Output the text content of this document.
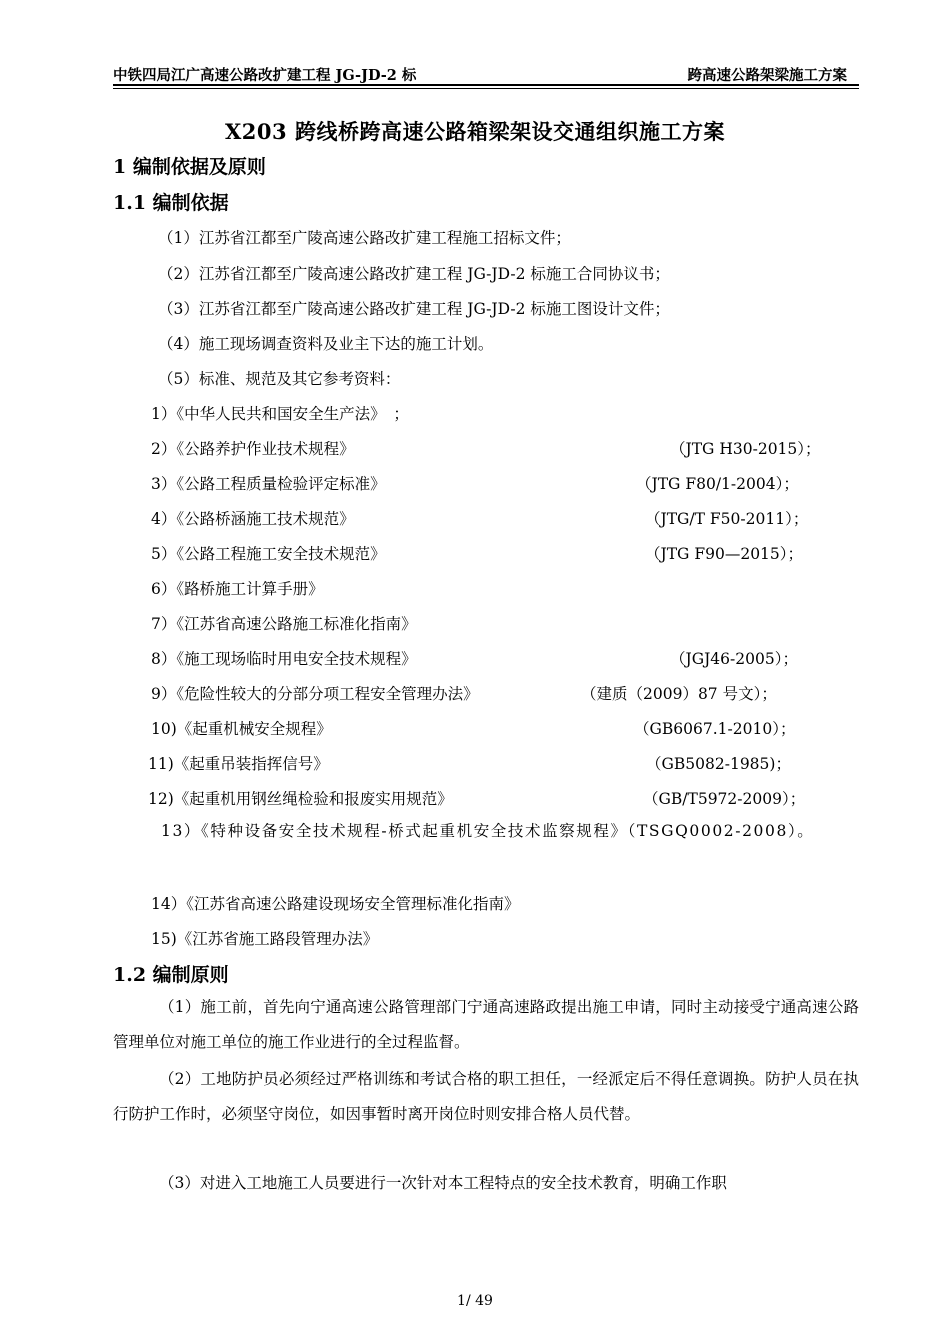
中铁四局江广高速公路改扩建工程 JG-JD-2 标	跨高速公路架梁施工方案
X203 跨线桥跨高速公路箱梁架设交通组织施工方案
1 编制依据及原则
1.1 编制依据
（1）江苏省江都至广陵高速公路改扩建工程施工招标文件；
（2）江苏省江都至广陵高速公路改扩建工程 JG-JD-2 标施工合同协议书；
（3）江苏省江都至广陵高速公路改扩建工程 JG-JD-2 标施工图设计文件；
（4）施工现场调查资料及业主下达的施工计划。
（5）标准、规范及其它参考资料：
1）《中华人民共和国安全生产法》　；
2）《公路养护作业技术规程》	（JTG H30-2015）；
3）《公路工程质量检验评定标准》	（JTG F80/1-2004）；
4）《公路桥涵施工技术规范》	（JTG/T F50-2011）；
5）《公路工程施工安全技术规范》	（JTG F90—2015）；
6）《路桥施工计算手册》
7）《江苏省高速公路施工标准化指南》
8）《施工现场临时用电安全技术规程》	（JGJ46-2005）；
9）《危险性较大的分部分项工程安全管理办法》	（建质（2009）87 号文）；
10)《起重机械安全规程》	（GB6067.1-2010）；
11)《起重吊装指挥信号》	（GB5082-1985)；
12)《起重机用钢丝绳检验和报废实用规范》	（GB/T5972-2009）；
13）《特种设备安全技术规程-桥式起重机安全技术监察规程》（TSGQ0002-2008）。
14）《江苏省高速公路建设现场安全管理标准化指南》
15)《江苏省施工路段管理办法》
1.2 编制原则
（1）施工前，首先向宁通高速公路管理部门宁通高速路政提出施工申请，同时主动接受宁通高速公路管理单位对施工单位的施工作业进行的全过程监督。
（2）工地防护员必须经过严格训练和考试合格的职工担任，一经派定后不得任意调换。防护人员在执行防护工作时，必须坚守岗位，如因事暂时离开岗位时则安排合格人员代替。
（3）对进入工地施工人员要进行一次针对本工程特点的安全技术教育，明确工作职
1/ 49
